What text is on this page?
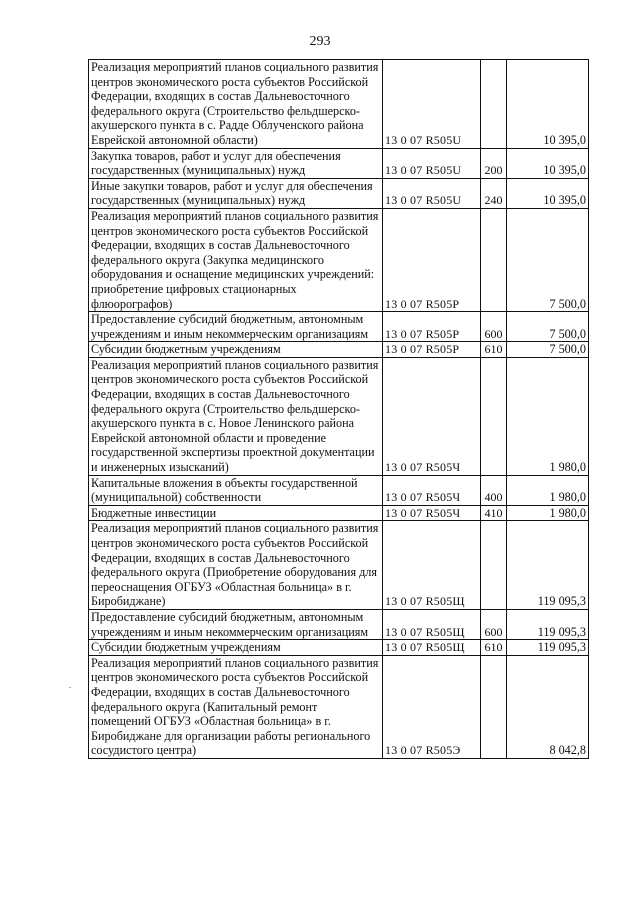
293
Реализация мероприятий планов социального развития центров экономического роста субъектов Российской Федерации, входящих в состав Дальневосточного федерального округа (Строительство фельдшерско-акушерского пункта в с. Радде Облученского района Еврейской автономной области)	13 0 07 R505U		10 395,0
Закупка товаров, работ и услуг для обеспечения государственных (муниципальных) нужд	13 0 07 R505U	200	10 395,0
Иные закупки товаров, работ и услуг для обеспечения государственных (муниципальных) нужд	13 0 07 R505U	240	10 395,0
Реализация мероприятий планов социального развития центров экономического роста субъектов Российской Федерации, входящих в состав Дальневосточного федерального округа (Закупка медицинского оборудования и оснащение медицинских учреждений: приобретение цифровых стационарных флюорографов)	13 0 07 R505P		7 500,0
Предоставление субсидий бюджетным, автономным учреждениям и иным некоммерческим организациям	13 0 07 R505P	600	7 500,0
Субсидии бюджетным учреждениям	13 0 07 R505P	610	7 500,0
Реализация мероприятий планов социального развития центров экономического роста субъектов Российской Федерации, входящих в состав Дальневосточного федерального округа (Строительство фельдшерско-акушерского пункта в с. Новое Ленинского района Еврейской автономной области и проведение государственной экспертизы проектной документации и инженерных изысканий)	13 0 07 R505Ч		1 980,0
Капитальные вложения в объекты государственной (муниципальной) собственности	13 0 07 R505Ч	400	1 980,0
Бюджетные инвестиции	13 0 07 R505Ч	410	1 980,0
Реализация мероприятий планов социального развития центров экономического роста субъектов Российской Федерации, входящих в состав Дальневосточного федерального округа (Приобретение оборудования для переоснащения ОГБУЗ «Областная больница» в г. Биробиджане)	13 0 07 R505Щ		119 095,3
Предоставление субсидий бюджетным, автономным учреждениям и иным некоммерческим организациям	13 0 07 R505Щ	600	119 095,3
Субсидии бюджетным учреждениям	13 0 07 R505Щ	610	119 095,3
Реализация мероприятий планов социального развития центров экономического роста субъектов Российской Федерации, входящих в состав Дальневосточного федерального округа (Капитальный ремонт помещений ОГБУЗ «Областная больница» в г. Биробиджане для организации работы регионального сосудистого центра)	13 0 07 R505Э		8 042,8
.
